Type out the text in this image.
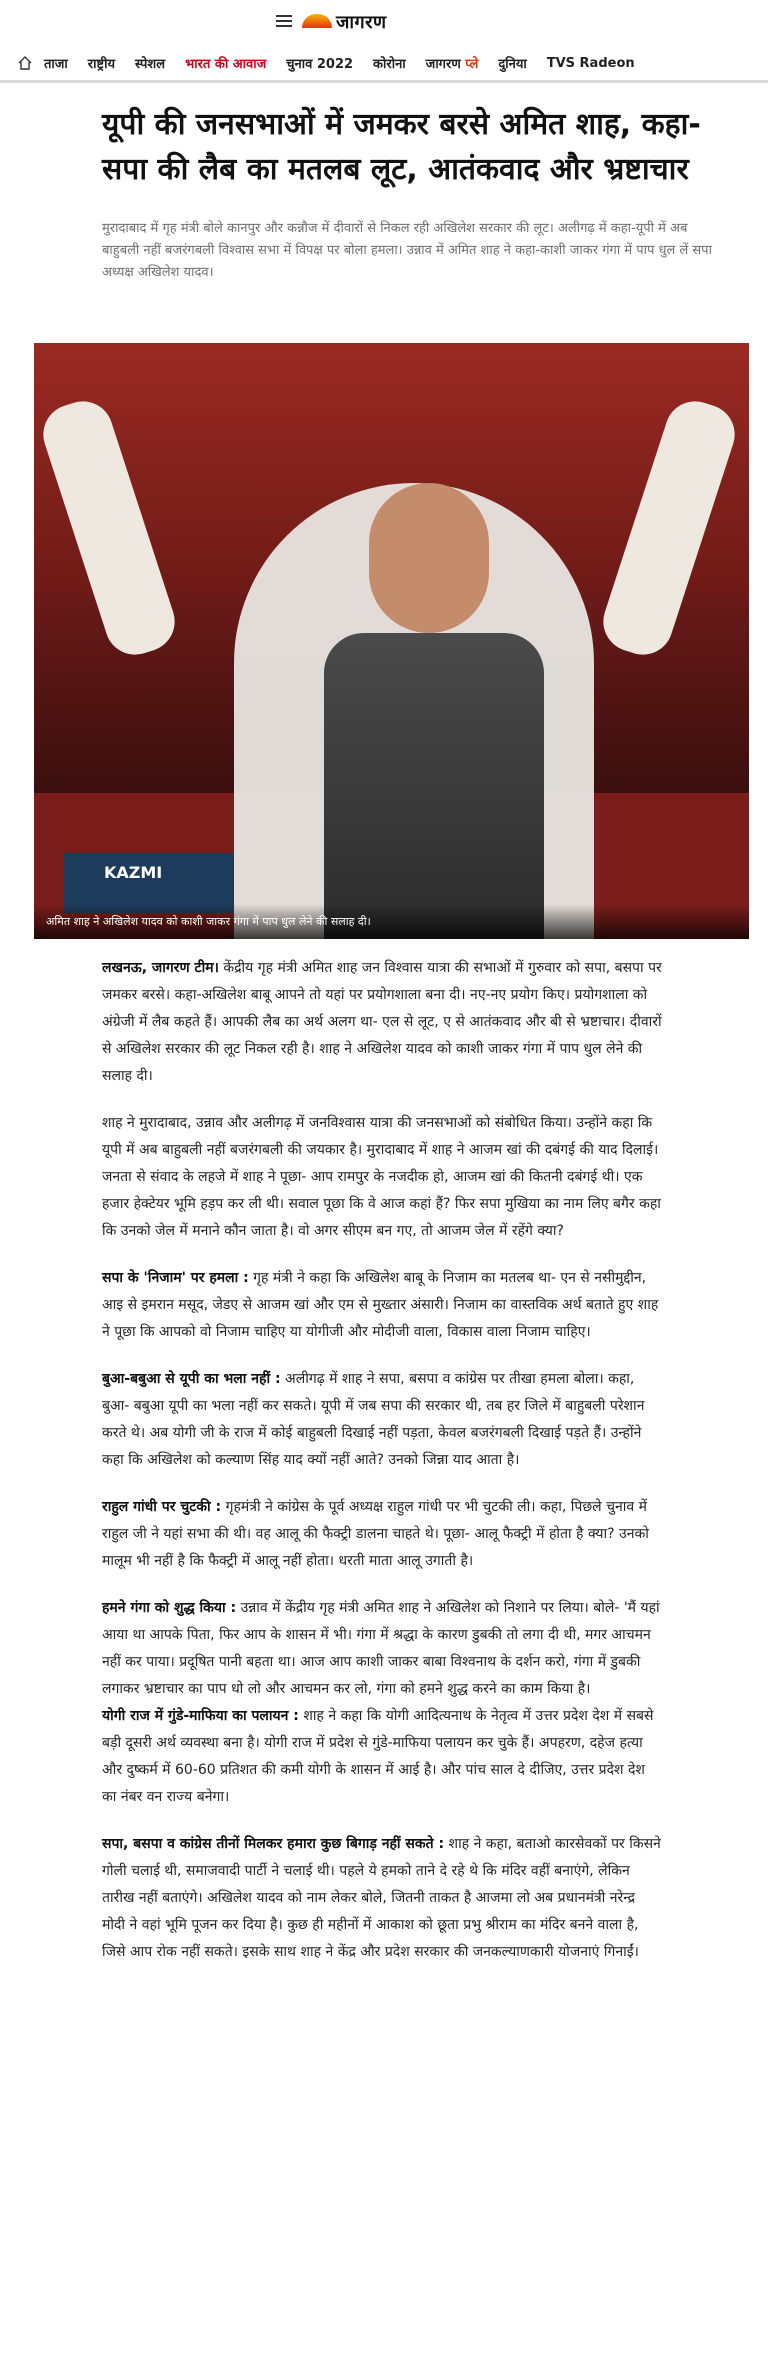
जागरण
ताजा राष्ट्रीय स्पेशल भारत की आवाज चुनाव 2022 कोरोना जागरण प्ले दुनिया TVS Radeon
यूपी की जनसभाओं में जमकर बरसे अमित शाह, कहा-सपा की लैब का मतलब लूट, आतंकवाद और भ्रष्टाचार
मुरादाबाद में गृह मंत्री बोले कानपुर और कन्नौज में दीवारों से निकल रही अखिलेश सरकार की लूट। अलीगढ़ में कहा-यूपी में अब बाहुबली नहीं बजरंगबली विश्वास सभा में विपक्ष पर बोला हमला। उन्नाव में अमित शाह ने कहा-काशी जाकर गंगा में पाप धुल लें सपा अध्यक्ष अखिलेश यादव।
KAZMI
अमित शाह ने अखिलेश यादव को काशी जाकर गंगा में पाप धुल लेने की सलाह दी।

लखनऊ, जागरण टीम। केंद्रीय गृह मंत्री अमित शाह जन विश्वास यात्रा की सभाओं में गुरुवार को सपा, बसपा पर जमकर बरसे। कहा-अखिलेश बाबू आपने तो यहां पर प्रयोगशाला बना दी। नए-नए प्रयोग किए। प्रयोगशाला को अंग्रेजी में लैब कहते हैं। आपकी लैब का अर्थ अलग था- एल से लूट, ए से आतंकवाद और बी से भ्रष्टाचार। दीवारों से अखिलेश सरकार की लूट निकल रही है। शाह ने अखिलेश यादव को काशी जाकर गंगा में पाप धुल लेने की सलाह दी।

शाह ने मुरादाबाद, उन्नाव और अलीगढ़ में जनविश्वास यात्रा की जनसभाओं को संबोधित किया। उन्होंने कहा कि यूपी में अब बाहुबली नहीं बजरंगबली की जयकार है। मुरादाबाद में शाह ने आजम खां की दबंगई की याद दिलाई। जनता से संवाद के लहजे में शाह ने पूछा- आप रामपुर के नजदीक हो, आजम खां की कितनी दबंगई थी। एक हजार हेक्टेयर भूमि हड़प कर ली थी। सवाल पूछा कि वे आज कहां हैं? फिर सपा मुखिया का नाम लिए बगैर कहा कि उनको जेल में मनाने कौन जाता है। वो अगर सीएम बन गए, तो आजम जेल में रहेंगे क्या?

सपा के 'निजाम' पर हमला : गृह मंत्री ने कहा कि अखिलेश बाबू के निजाम का मतलब था- एन से नसीमुद्दीन, आइ से इमरान मसूद, जेडए से आजम खां और एम से मुख्तार अंसारी। निजाम का वास्तविक अर्थ बताते हुए शाह ने पूछा कि आपको वो निजाम चाहिए या योगीजी और मोदीजी वाला, विकास वाला निजाम चाहिए।

बुआ-बबुआ से यूपी का भला नहीं : अलीगढ़ में शाह ने सपा, बसपा व कांग्रेस पर तीखा हमला बोला। कहा, बुआ- बबुआ यूपी का भला नहीं कर सकते। यूपी में जब सपा की सरकार थी, तब हर जिले में बाहुबली परेशान करते थे। अब योगी जी के राज में कोई बाहुबली दिखाई नहीं पड़ता, केवल बजरंगबली दिखाई पड़ते हैं। उन्होंने कहा कि अखिलेश को कल्याण सिंह याद क्यों नहीं आते? उनको जिन्ना याद आता है।

राहुल गांधी पर चुटकी : गृहमंत्री ने कांग्रेस के पूर्व अध्यक्ष राहुल गांधी पर भी चुटकी ली। कहा, पिछले चुनाव में राहुल जी ने यहां सभा की थी। वह आलू की फैक्ट्री डालना चाहते थे। पूछा- आलू फैक्ट्री में होता है क्या? उनको मालूम भी नहीं है कि फैक्ट्री में आलू नहीं होता। धरती माता आलू उगाती है।

हमने गंगा को शुद्ध किया : उन्नाव में केंद्रीय गृह मंत्री अमित शाह ने अखिलेश को निशाने पर लिया। बोले- 'मैं यहां आया था आपके पिता, फिर आप के शासन में भी। गंगा में श्रद्धा के कारण डुबकी तो लगा दी थी, मगर आचमन नहीं कर पाया। प्रदूषित पानी बहता था। आज आप काशी जाकर बाबा विश्वनाथ के दर्शन करो, गंगा में डुबकी लगाकर भ्रष्टाचार का पाप धो लो और आचमन कर लो, गंगा को हमने शुद्ध करने का काम किया है।

योगी राज में गुंडे-माफिया का पलायन : शाह ने कहा कि योगी आदित्यनाथ के नेतृत्व में उत्तर प्रदेश देश में सबसे बड़ी दूसरी अर्थ व्यवस्था बना है। योगी राज में प्रदेश से गुंडे-माफिया पलायन कर चुके हैं। अपहरण, दहेज हत्या और दुष्कर्म में 60-60 प्रतिशत की कमी योगी के शासन में आई है। और पांच साल दे दीजिए, उत्तर प्रदेश देश का नंबर वन राज्य बनेगा।

सपा, बसपा व कांग्रेस तीनों मिलकर हमारा कुछ बिगाड़ नहीं सकते : शाह ने कहा, बताओ कारसेवकों पर किसने गोली चलाई थी, समाजवादी पार्टी ने चलाई थी। पहले ये हमको ताने दे रहे थे कि मंदिर वहीं बनाएंगे, लेकिन तारीख नहीं बताएंगे। अखिलेश यादव को नाम लेकर बोले, जितनी ताकत है आजमा लो अब प्रधानमंत्री नरेन्द्र मोदी ने वहां भूमि पूजन कर दिया है। कुछ ही महीनों में आकाश को छूता प्रभु श्रीराम का मंदिर बनने वाला है, जिसे आप रोक नहीं सकते। इसके साथ शाह ने केंद्र और प्रदेश सरकार की जनकल्याणकारी योजनाएं गिनाईं।
